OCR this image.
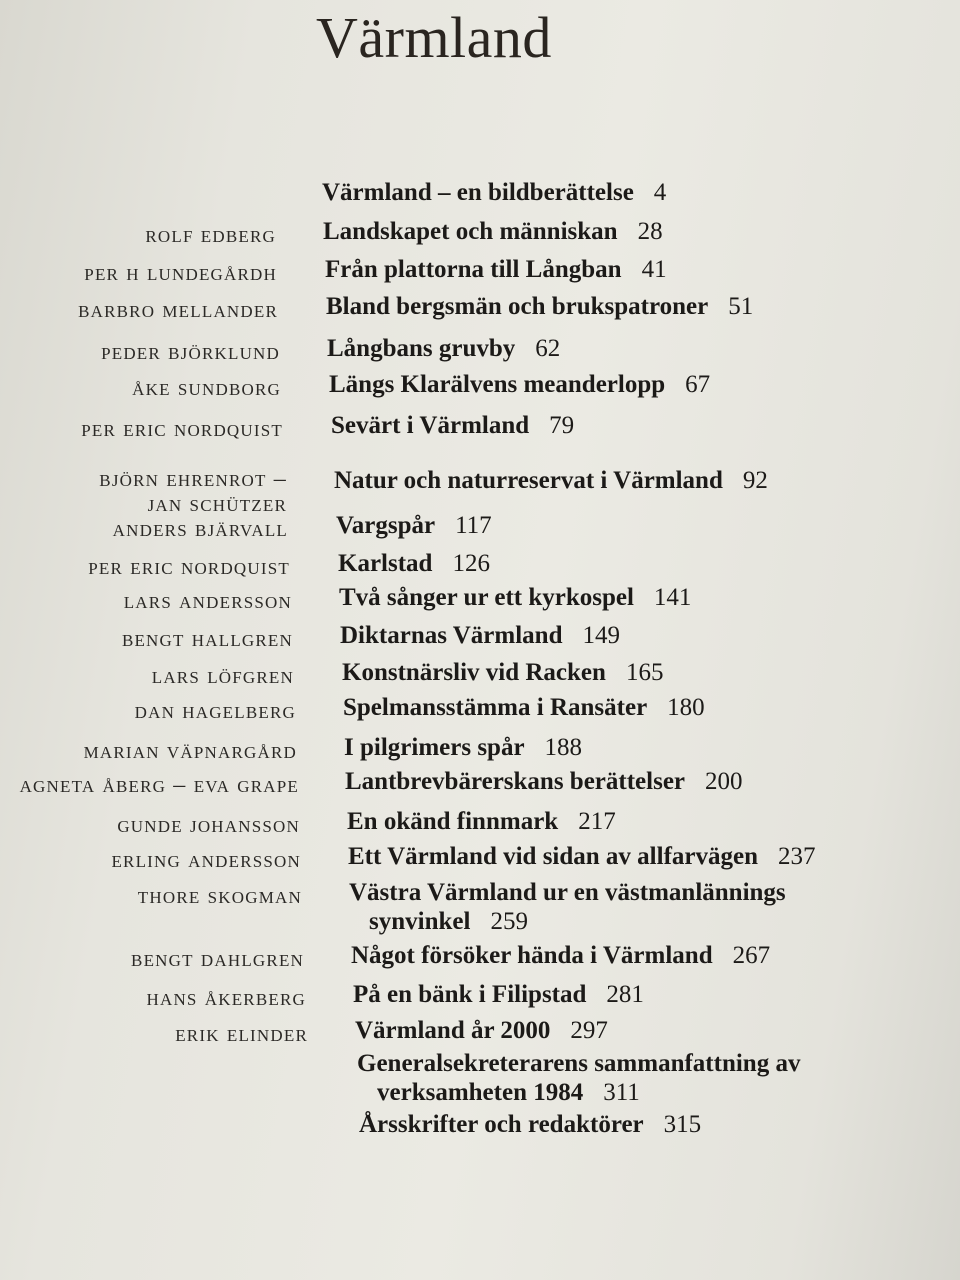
Värmland
Värmland – en bildberättelse 4
rolf edberg Landskapet och människan 28
per h lundegårdh Från plattorna till Långban 41
barbro mellander Bland bergsmän och brukspatroner 51
peder björklund Långbans gruvby 62
åke sundborg Längs Klarälvens meanderlopp 67
per eric nordquist Sevärt i Värmland 79
björn ehrenrot –
jan schützer
Natur och naturreservat i Värmland 92
anders bjärvall Vargspår 117
per eric nordquist Karlstad 126
lars andersson Två sånger ur ett kyrkospel 141
bengt hallgren Diktarnas Värmland 149
lars löfgren Konstnärsliv vid Racken 165
dan hagelberg Spelmansstämma i Ransäter 180
marian väpnargård I pilgrimers spår 188
agneta åberg – eva grape Lantbrevbärerskans berättelser 200
gunde johansson En okänd finnmark 217
erling andersson Ett Värmland vid sidan av allfarvägen 237
thore skogman Västra Värmland ur en västmanlännings
synvinkel 259
bengt dahlgren Något försöker hända i Värmland 267
hans åkerberg På en bänk i Filipstad 281
erik elinder Värmland år 2000 297
Generalsekreterarens sammanfattning av
verksamheten 1984 311
Årsskrifter och redaktörer 315
